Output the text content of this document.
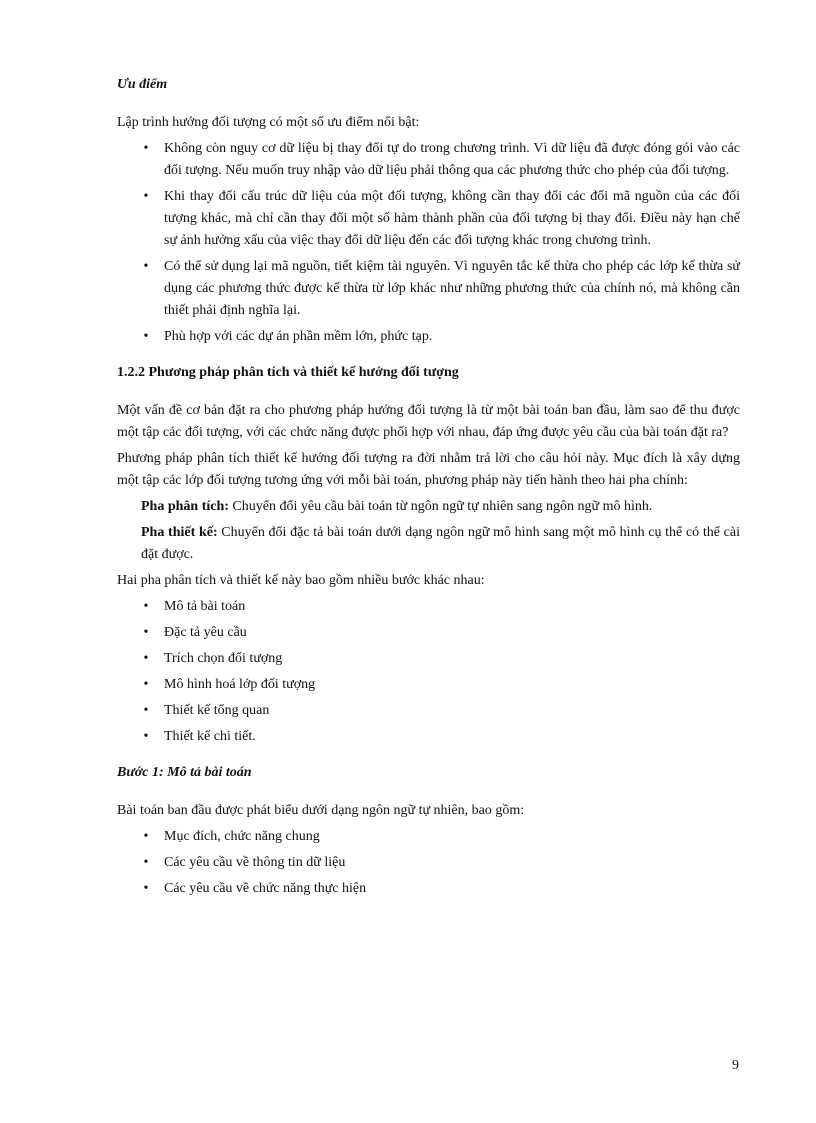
Ưu điểm

Lập trình hướng đối tượng có một số ưu điểm nổi bật:

• Không còn nguy cơ dữ liệu bị thay đổi tự do trong chương trình. Vì dữ liệu đã được đóng gói vào các đối tượng. Nếu muốn truy nhập vào dữ liệu phải thông qua các phương thức cho phép của đối tượng.
• Khi thay đổi cấu trúc dữ liệu của một đối tượng, không cần thay đổi các đổi mã nguồn của các đối tượng khác, mà chỉ cần thay đổi một số hàm thành phần của đối tượng bị thay đổi. Điều này hạn chế sự ảnh hưởng xấu của việc thay đổi dữ liệu đến các đối tượng khác trong chương trình.
• Có thể sử dụng lại mã nguồn, tiết kiệm tài nguyên. Vì nguyên tắc kế thừa cho phép các lớp kế thừa sử dụng các phương thức được kế thừa từ lớp khác như những phương thức của chính nó, mà không cần thiết phải định nghĩa lại.
• Phù hợp với các dự án phần mềm lớn, phức tạp.
1.2.2 Phương pháp phân tích và thiết kế hướng đối tượng

Một vấn đề cơ bản đặt ra cho phương pháp hướng đối tượng là từ một bài toán ban đầu, làm sao để thu được một tập các đối tượng, với các chức năng được phối hợp với nhau, đáp ứng được yêu cầu của bài toán đặt ra?

Phương pháp phân tích thiết kế hướng đối tượng ra đời nhằm trả lời cho câu hỏi này. Mục đích là xây dựng một tập các lớp đối tượng tương ứng với mỗi bài toán, phương pháp này tiến hành theo hai pha chính:

Pha phân tích: Chuyển đổi yêu cầu bài toán từ ngôn ngữ tự nhiên sang ngôn ngữ mô hình.
Pha thiết kế: Chuyển đổi đặc tả bài toán dưới dạng ngôn ngữ mô hình sang một mô hình cụ thể có thể cài đặt được.

Hai pha phân tích và thiết kế này bao gồm nhiều bước khác nhau:

• Mô tả bài toán
• Đặc tả yêu cầu
• Trích chọn đối tượng
• Mô hình hoá lớp đối tượng
• Thiết kế tổng quan
• Thiết kế chi tiết.
Bước 1: Mô tả bài toán

Bài toán ban đầu được phát biểu dưới dạng ngôn ngữ tự nhiên, bao gồm:

• Mục đích, chức năng chung
• Các yêu cầu về thông tin dữ liệu
• Các yêu cầu về chức năng thực hiện
9
